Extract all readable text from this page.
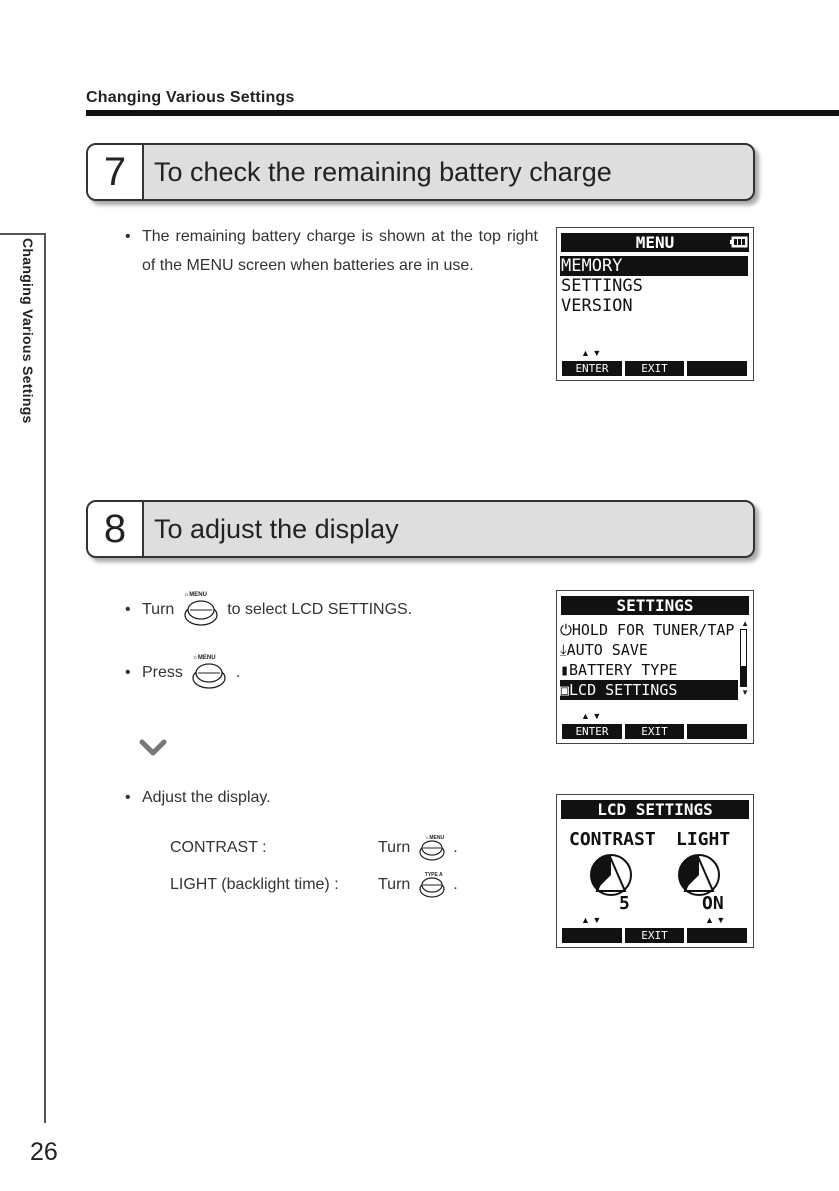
Changing Various Settings
Changing Various Settings
26
7	To check the remaining battery charge
• The remaining battery charge is shown at the top right of the MENU screen when batteries are in use.
MENU
MEMORY
SETTINGS
VERSION
▲ ▼
ENTER	EXIT
8	To adjust the display
• Turn
☼MENU
to select LCD SETTINGS.
• Press
☼MENU
.
• Adjust the display.
CONTRAST :	Turn
☼MENU
.
LIGHT (backlight time) : Turn
TYPE A
.
SETTINGS
⏻HOLD FOR TUNER/TAP
⤓AUTO SAVE
▮BATTERY TYPE
▣LCD SETTINGS
▲
▼
▲ ▼
ENTER	EXIT
LCD SETTINGS
CONTRAST LIGHT
5	ON
▲ ▼	▲ ▼
EXIT
